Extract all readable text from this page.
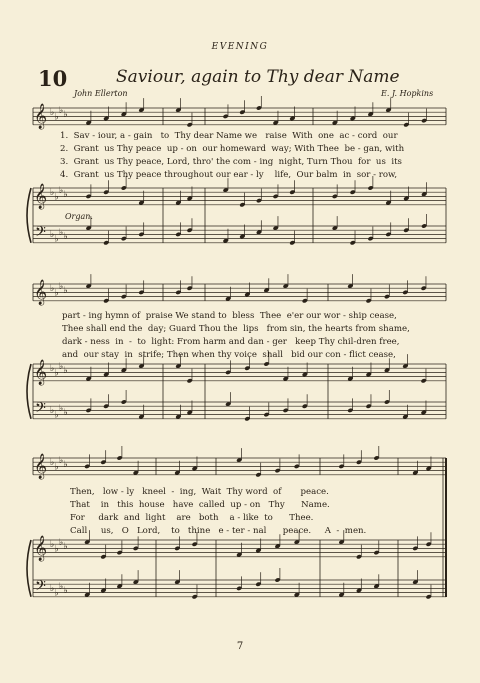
EVENING
10	Saviour, again to Thy dear Name
John Ellerton	E. J. Hopkins
𝄞
𝄞
𝄢
♭ ♭
♭ ♭
♭ ♭
♭ ♭
♭ ♭
♭ ♭
𝄞
𝄞
𝄢
♭ ♭
♭ ♭
♭ ♭
♭ ♭
♭ ♭
♭ ♭
𝄞
𝄞
𝄢
♭ ♭
♭ ♭
♭ ♭
♭ ♭
♭ ♭
♭ ♭
Organ.
1.  Sav - iour, a - gain   to  Thy dear Name we   raise  With  one  ac - cord  our
2.  Grant  us Thy peace  up - on  our homeward  way; With Thee  be - gan, with
3.  Grant  us Thy peace, Lord, thro' the com - ing  night, Turn Thou  for  us  its
4.  Grant  us Thy peace throughout our ear - ly    life,  Our balm  in  sor - row,
part - ing hymn of  praise We stand to  bless  Thee  e'er our wor - ship cease,
Thee shall end the  day; Guard Thou the  lips   from sin, the hearts from shame,
dark - ness  in  -  to  light: From harm and dan - ger   keep Thy chil-dren free,
and  our stay  in  strife; Then when thy voice  shall   bid our con - flict cease,
Then,   low - ly   kneel  -  ing,  Wait  Thy word  of       peace.
That    in   this  house   have  called  up - on   Thy      Name.
For     dark  and  light    are   both    a - like  to      Thee.
Call     us,   O   Lord,    to   thine   e - ter - nal      peace.     A  -  men.
7
